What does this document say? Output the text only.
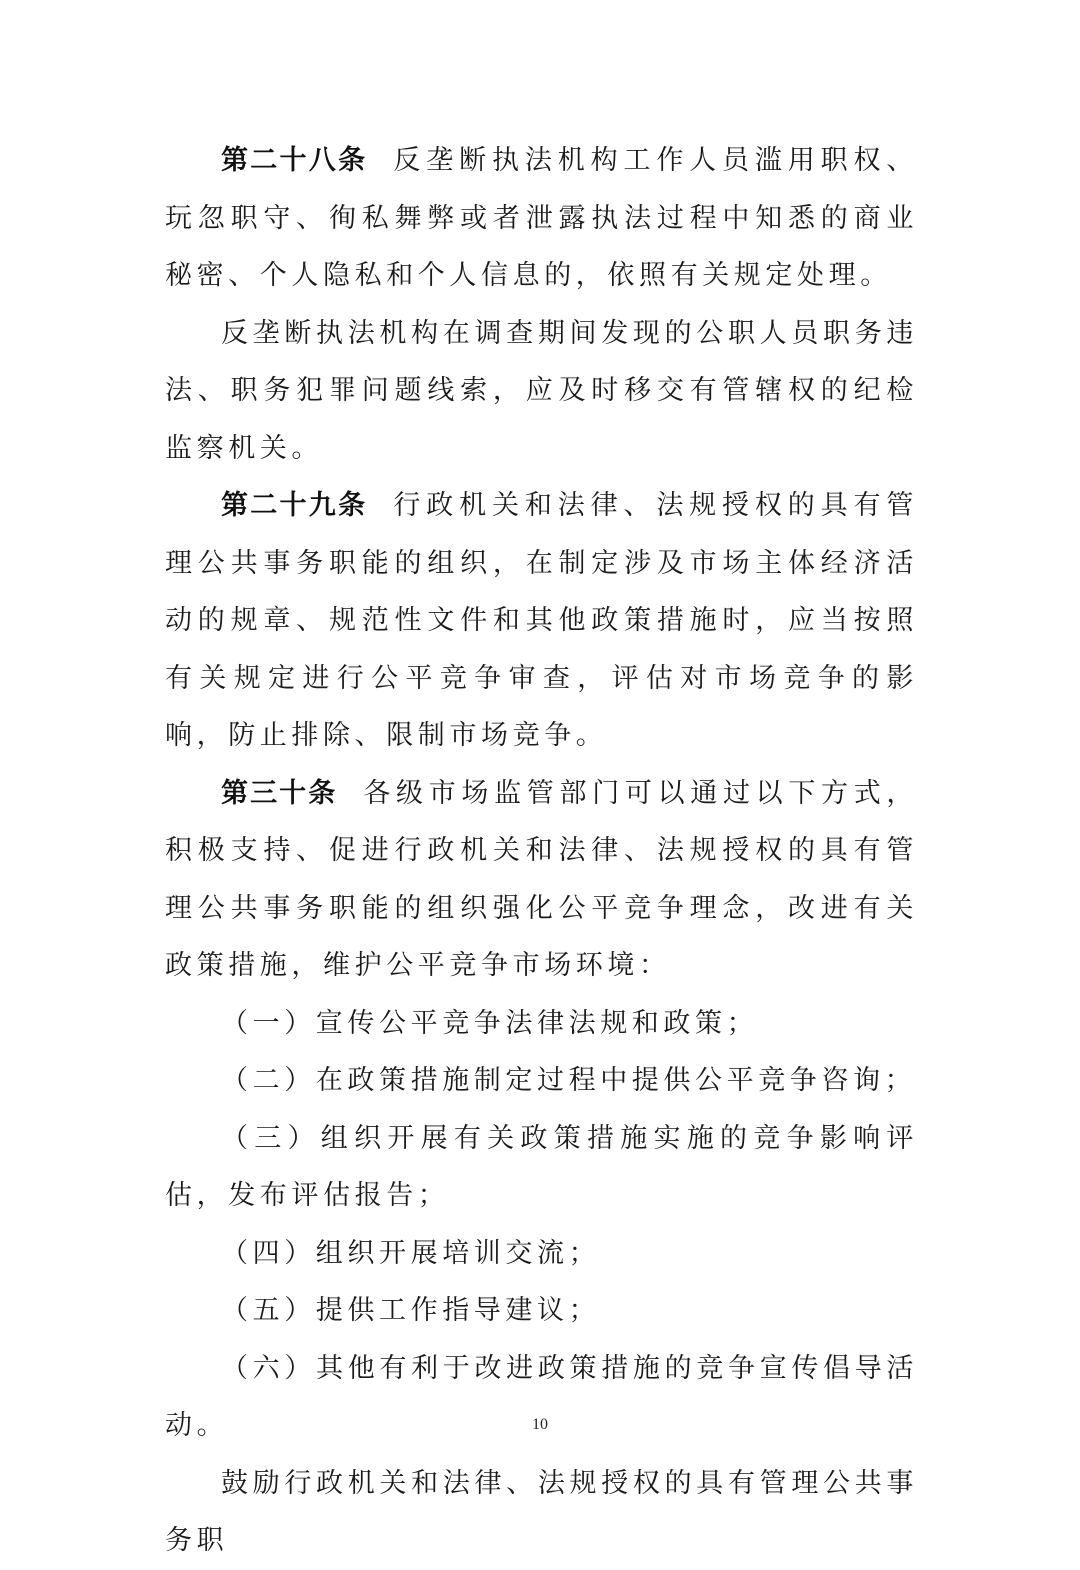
第二十八条 反垄断执法机构工作人员滥用职权、玩忽职守、徇私舞弊或者泄露执法过程中知悉的商业秘密、个人隐私和个人信息的，依照有关规定处理。

反垄断执法机构在调查期间发现的公职人员职务违法、职务犯罪问题线索，应及时移交有管辖权的纪检监察机关。

第二十九条 行政机关和法律、法规授权的具有管理公共事务职能的组织，在制定涉及市场主体经济活动的规章、规范性文件和其他政策措施时，应当按照有关规定进行公平竞争审查，评估对市场竞争的影响，防止排除、限制市场竞争。

第三十条 各级市场监管部门可以通过以下方式，积极支持、促进行政机关和法律、法规授权的具有管理公共事务职能的组织强化公平竞争理念，改进有关政策措施，维护公平竞争市场环境：

（一）宣传公平竞争法律法规和政策；

（二）在政策措施制定过程中提供公平竞争咨询；

（三）组织开展有关政策措施实施的竞争影响评估，发布评估报告；

（四）组织开展培训交流；

（五）提供工作指导建议；

（六）其他有利于改进政策措施的竞争宣传倡导活动。

鼓励行政机关和法律、法规授权的具有管理公共事务职

10
